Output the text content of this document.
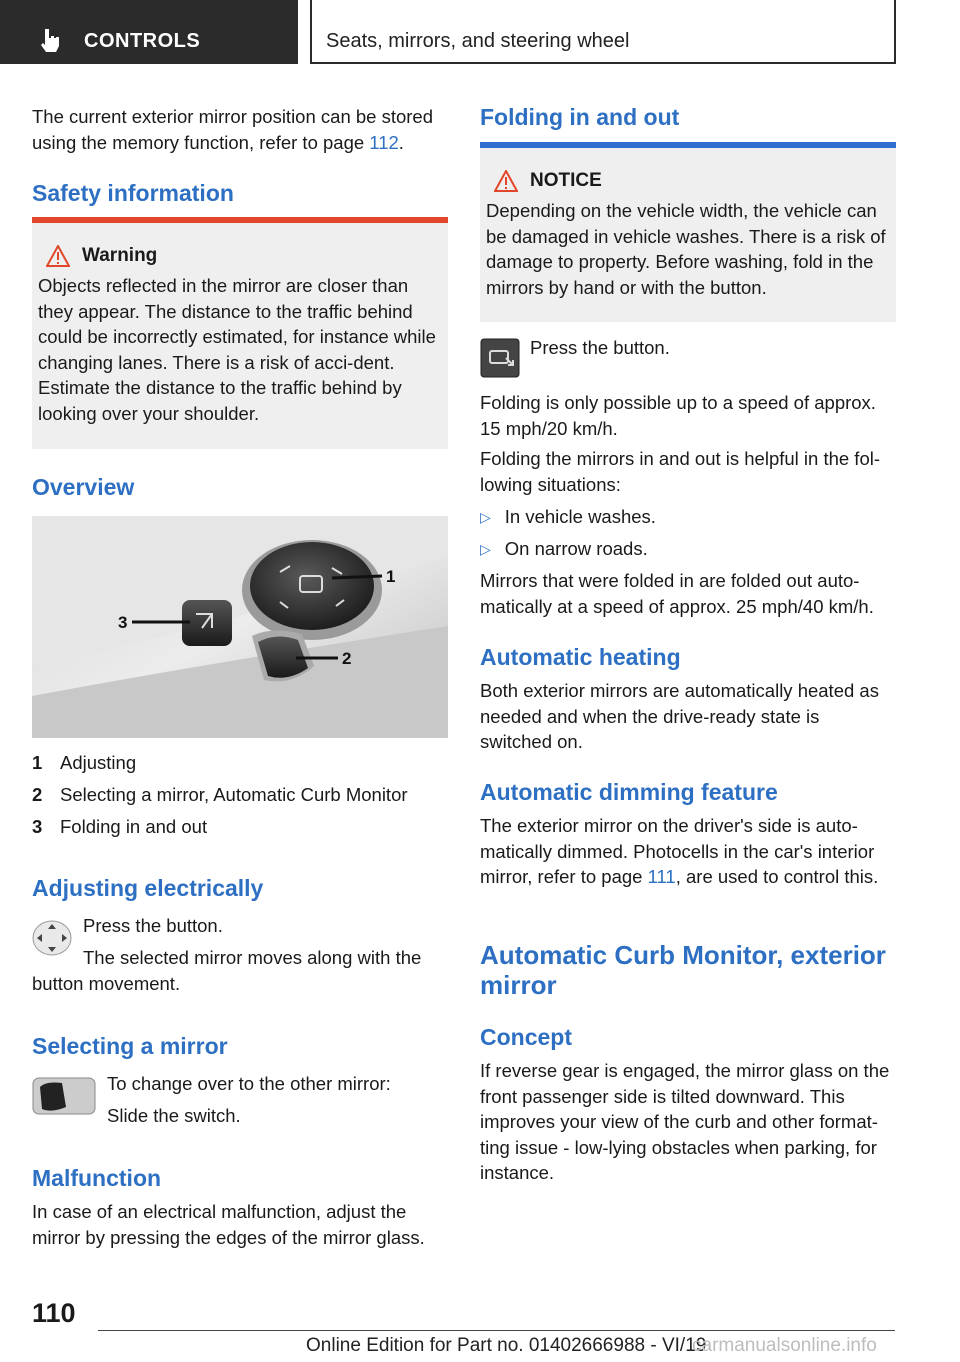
CONTROLS	Seats, mirrors, and steering wheel

The current exterior mirror position can be stored using the memory function, refer to page 112.

Safety information
Warning
Objects reflected in the mirror are closer than they appear. The distance to the traffic behind could be incorrectly estimated, for instance while changing lanes. There is a risk of acci-dent. Estimate the distance to the traffic behind by looking over your shoulder.
Overview
1
2
3
1 Adjusting
2 Selecting a mirror, Automatic Curb Monitor
3 Folding in and out
Adjusting electrically

Press the button.

The selected mirror moves along with the button movement.

Selecting a mirror

To change over to the other mirror:

Slide the switch.

Malfunction

In case of an electrical malfunction, adjust the mirror by pressing the edges of the mirror glass.

Folding in and out
NOTICE
Depending on the vehicle width, the vehicle can be damaged in vehicle washes. There is a risk of damage to property. Before washing, fold in the mirrors by hand or with the button.

Press the button.

Folding is only possible up to a speed of approx. 15 mph/20 km/h.

Folding the mirrors in and out is helpful in the fol-lowing situations:

▷ In vehicle washes.
▷ On narrow roads.

Mirrors that were folded in are folded out auto-matically at a speed of approx. 25 mph/40 km/h.

Automatic heating

Both exterior mirrors are automatically heated as needed and when the drive-ready state is switched on.

Automatic dimming feature

The exterior mirror on the driver's side is auto-matically dimmed. Photocells in the car's interior mirror, refer to page 111, are used to control this.

Automatic Curb Monitor, exterior mirror
Concept

If reverse gear is engaged, the mirror glass on the front passenger side is tilted downward. This improves your view of the curb and other format-ting issue - low-lying obstacles when parking, for instance.

110
Online Edition for Part no. 01402666988 - VI/19
carmanualsonline.info
